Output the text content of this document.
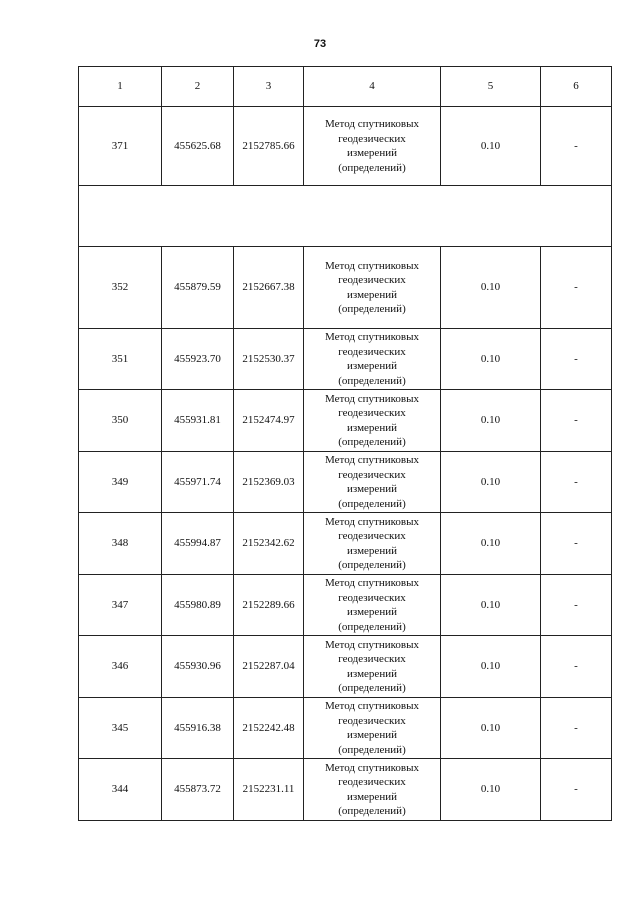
73
1	2	3	4	5	6
371	455625.68	2152785.66	Метод спутниковых
геодезических
измерений
(определений)	0.10	-

352	455879.59	2152667.38	Метод спутниковых
геодезических
измерений
(определений)	0.10	-
351	455923.70	2152530.37	Метод спутниковых
геодезических
измерений
(определений)	0.10	-
350	455931.81	2152474.97	Метод спутниковых
геодезических
измерений
(определений)	0.10	-
349	455971.74	2152369.03	Метод спутниковых
геодезических
измерений
(определений)	0.10	-
348	455994.87	2152342.62	Метод спутниковых
геодезических
измерений
(определений)	0.10	-
347	455980.89	2152289.66	Метод спутниковых
геодезических
измерений
(определений)	0.10	-
346	455930.96	2152287.04	Метод спутниковых
геодезических
измерений
(определений)	0.10	-
345	455916.38	2152242.48	Метод спутниковых
геодезических
измерений
(определений)	0.10	-
344	455873.72	2152231.11	Метод спутниковых
геодезических
измерений
(определений)	0.10	-
